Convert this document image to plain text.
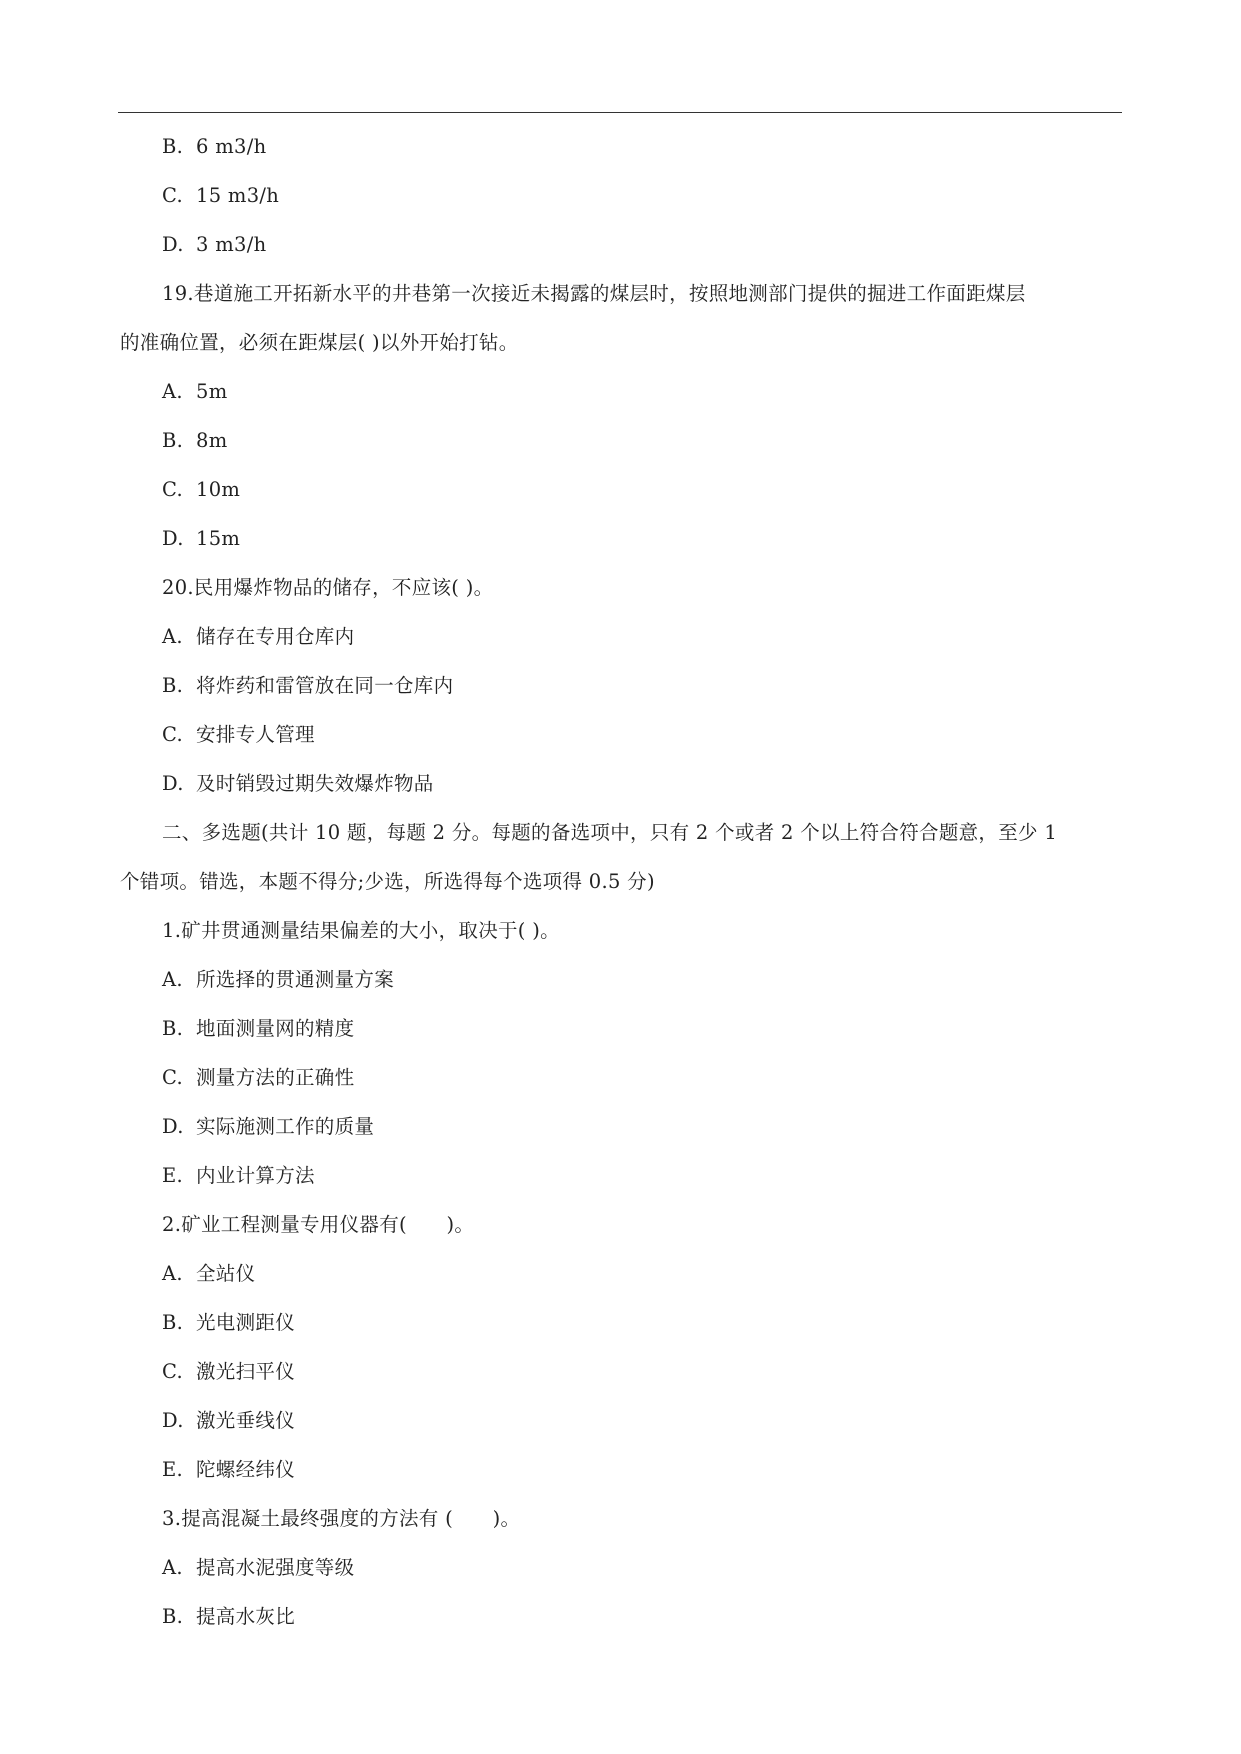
B. 6 m3/h
C. 15 m3/h
D. 3 m3/h
19.巷道施工开拓新水平的井巷第一次接近未揭露的煤层时，按照地测部门提供的掘进工作面距煤层
的准确位置，必须在距煤层( )以外开始打钻。
A. 5m
B. 8m
C. 10m
D. 15m
20.民用爆炸物品的储存，不应该( )。
A. 储存在专用仓库内
B. 将炸药和雷管放在同一仓库内
C. 安排专人管理
D. 及时销毁过期失效爆炸物品
二、多选题(共计 10 题，每题 2 分。每题的备选项中，只有 2 个或者 2 个以上符合符合题意，至少 1
个错项。错选，本题不得分;少选，所选得每个选项得 0.5 分)
1.矿井贯通测量结果偏差的大小，取决于( )。
A. 所选择的贯通测量方案
B. 地面测量网的精度
C. 测量方法的正确性
D. 实际施测工作的质量
E. 内业计算方法
2.矿业工程测量专用仪器有(　　)。
A. 全站仪
B. 光电测距仪
C. 激光扫平仪
D. 激光垂线仪
E. 陀螺经纬仪
3.提高混凝土最终强度的方法有 (　　)。
A. 提高水泥强度等级
B. 提高水灰比
